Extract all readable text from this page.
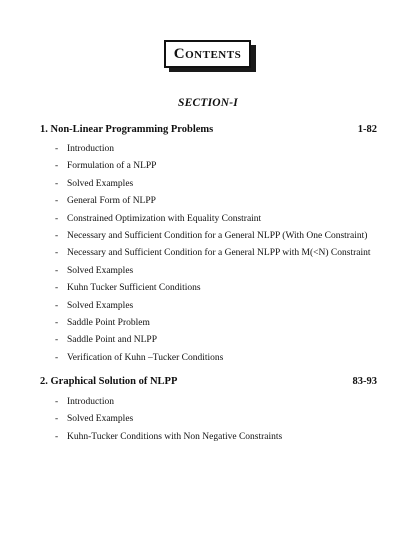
Contents
SECTION-I
1. Non-Linear Programming Problems	1-82
- Introduction
- Formulation of a NLPP
- Solved Examples
- General Form of NLPP
- Constrained Optimization with Equality Constraint
- Necessary and Sufficient Condition for a General NLPP (With One Constraint)
- Necessary and Sufficient Condition for a General NLPP with M(<N) Constraint
- Solved Examples
- Kuhn Tucker Sufficient Conditions
- Solved Examples
- Saddle Point Problem
- Saddle Point and NLPP
- Verification of Kuhn –Tucker Conditions
2. Graphical Solution of NLPP	83-93
- Introduction
- Solved Examples
- Kuhn-Tucker Conditions with Non Negative Constraints
